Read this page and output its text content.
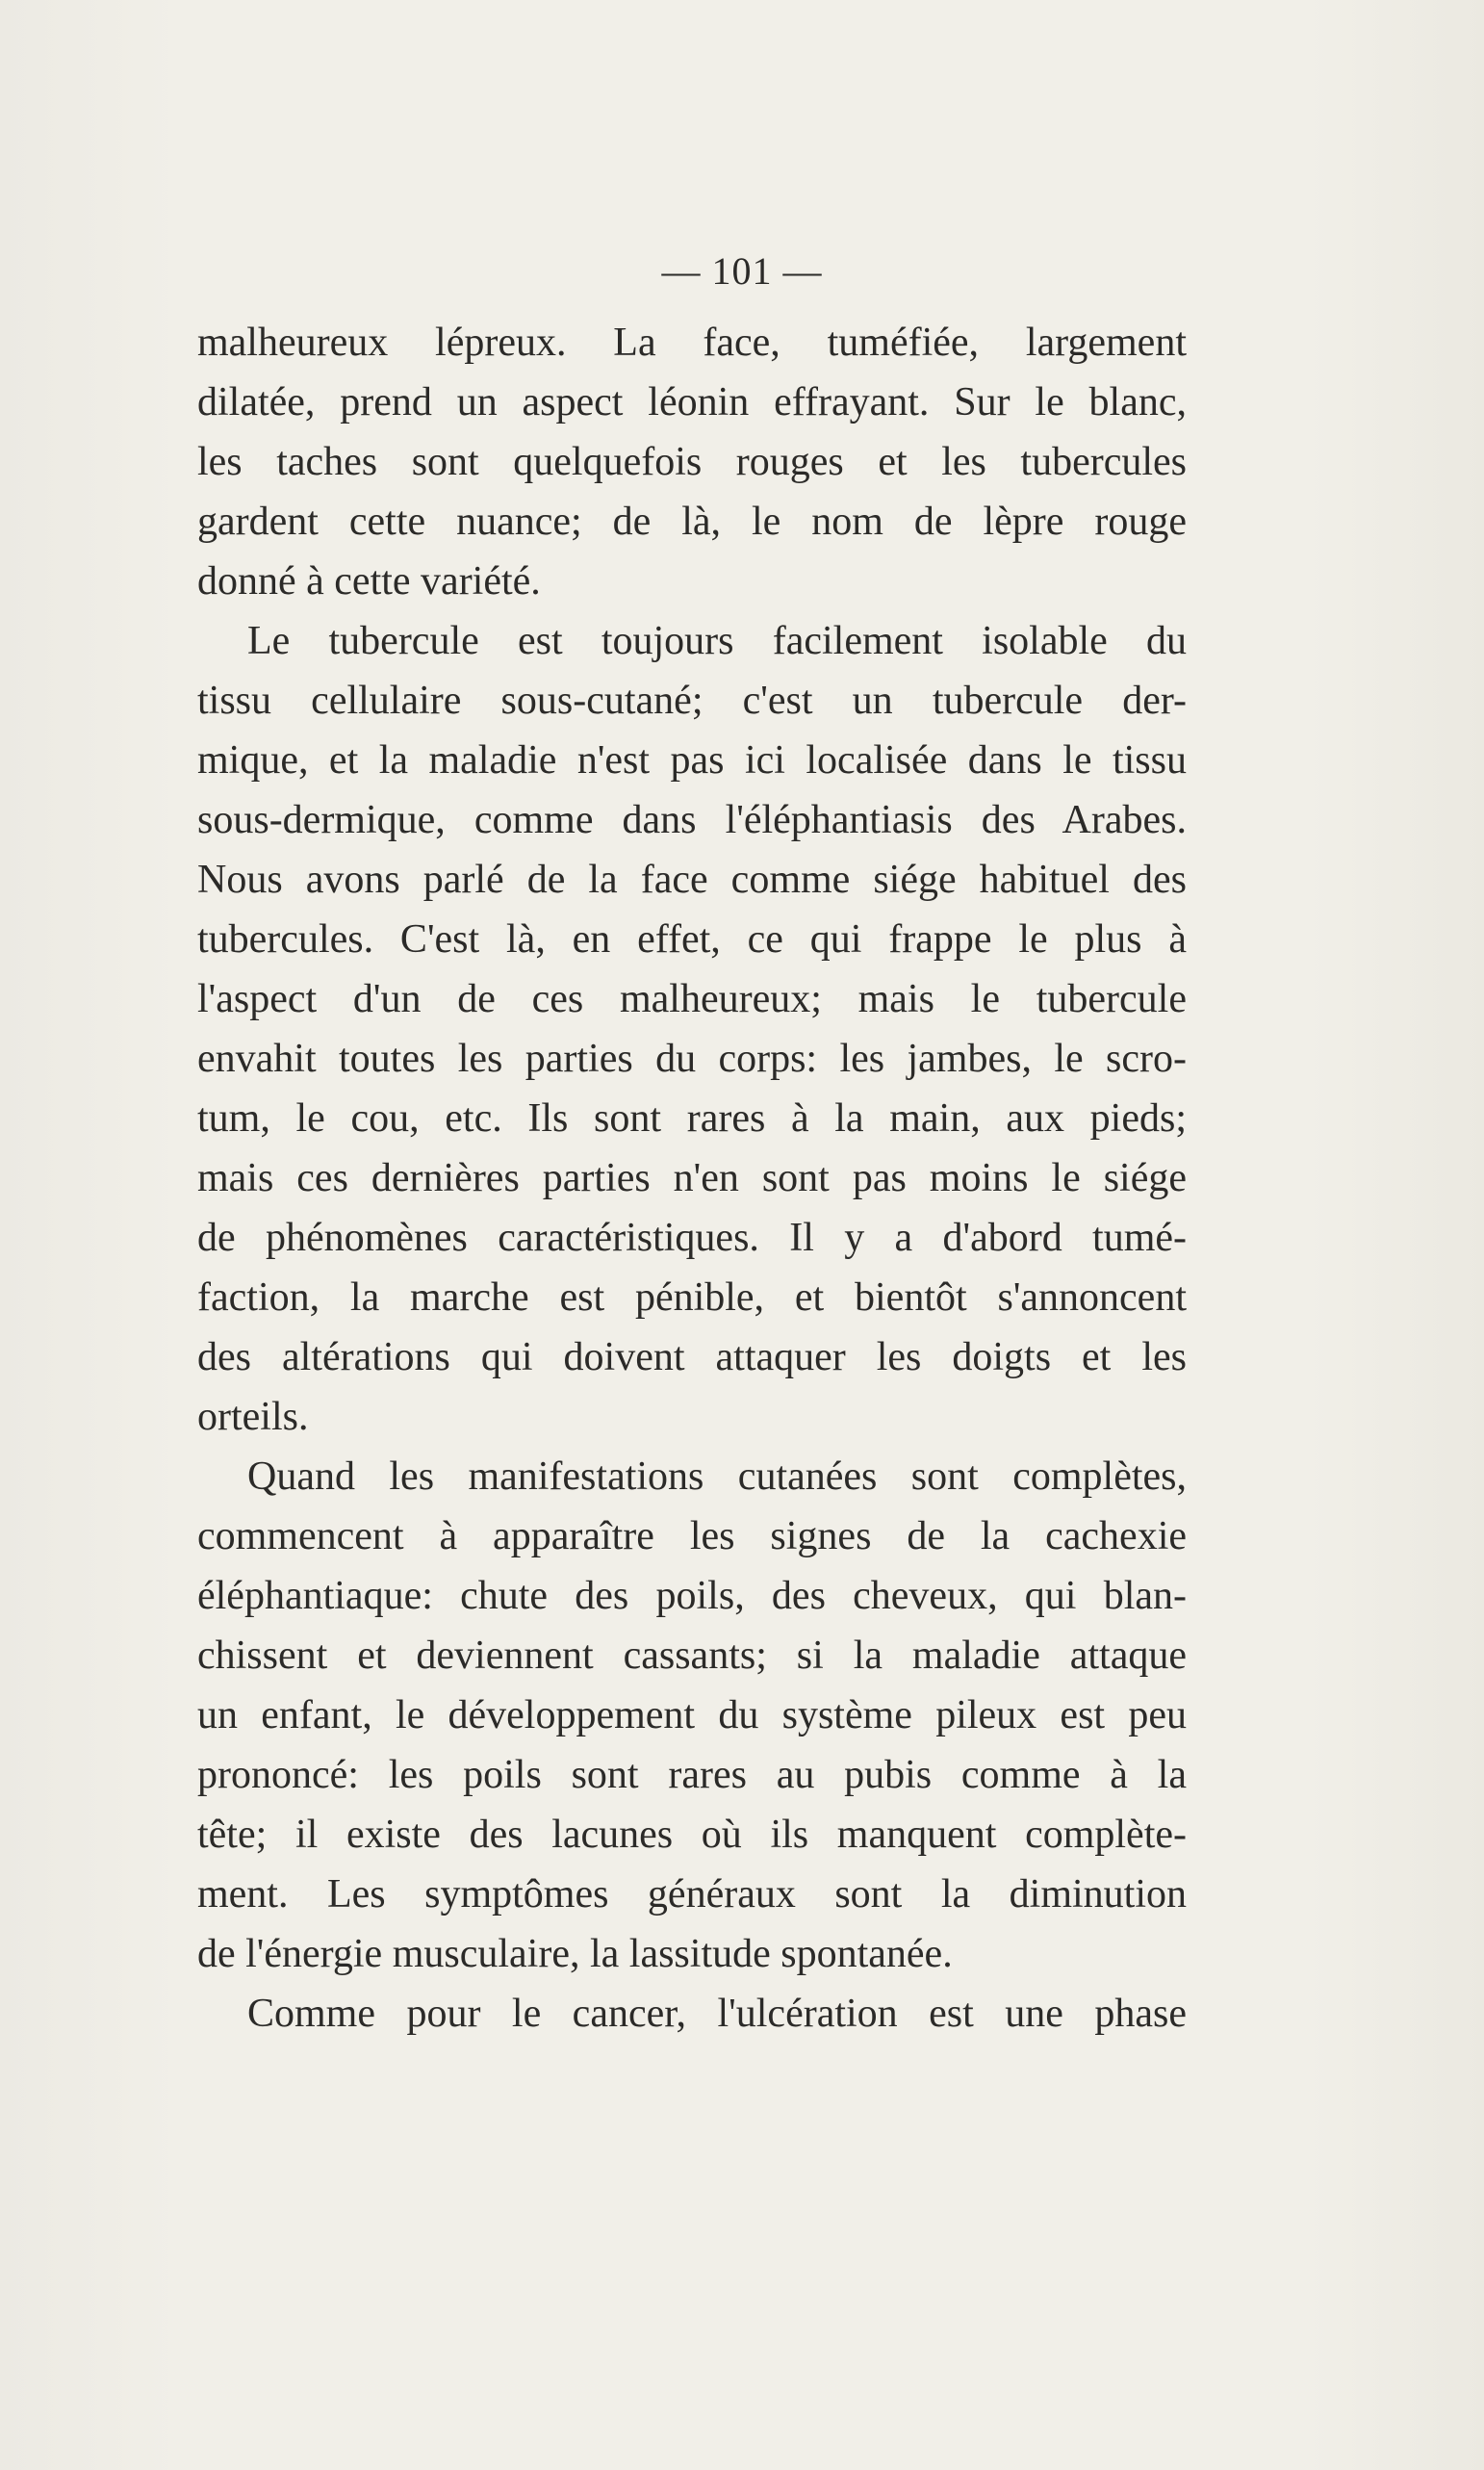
— 101 —
malheureux lépreux. La face, tuméfiée, largement
dilatée, prend un aspect léonin effrayant. Sur le blanc,
les taches sont quelquefois rouges et les tubercules
gardent cette nuance; de là, le nom de lèpre rouge
donné à cette variété.
Le tubercule est toujours facilement isolable du
tissu cellulaire sous-cutané; c'est un tubercule der-
mique, et la maladie n'est pas ici localisée dans le tissu
sous-dermique, comme dans l'éléphantiasis des Arabes.
Nous avons parlé de la face comme siége habituel des
tubercules. C'est là, en effet, ce qui frappe le plus à
l'aspect d'un de ces malheureux; mais le tubercule
envahit toutes les parties du corps: les jambes, le scro-
tum, le cou, etc. Ils sont rares à la main, aux pieds;
mais ces dernières parties n'en sont pas moins le siége
de phénomènes caractéristiques. Il y a d'abord tumé-
faction, la marche est pénible, et bientôt s'annoncent
des altérations qui doivent attaquer les doigts et les
orteils.
Quand les manifestations cutanées sont complètes,
commencent à apparaître les signes de la cachexie
éléphantiaque: chute des poils, des cheveux, qui blan-
chissent et deviennent cassants; si la maladie attaque
un enfant, le développement du système pileux est peu
prononcé: les poils sont rares au pubis comme à la
tête; il existe des lacunes où ils manquent complète-
ment. Les symptômes généraux sont la diminution
de l'énergie musculaire, la lassitude spontanée.
Comme pour le cancer, l'ulcération est une phase
